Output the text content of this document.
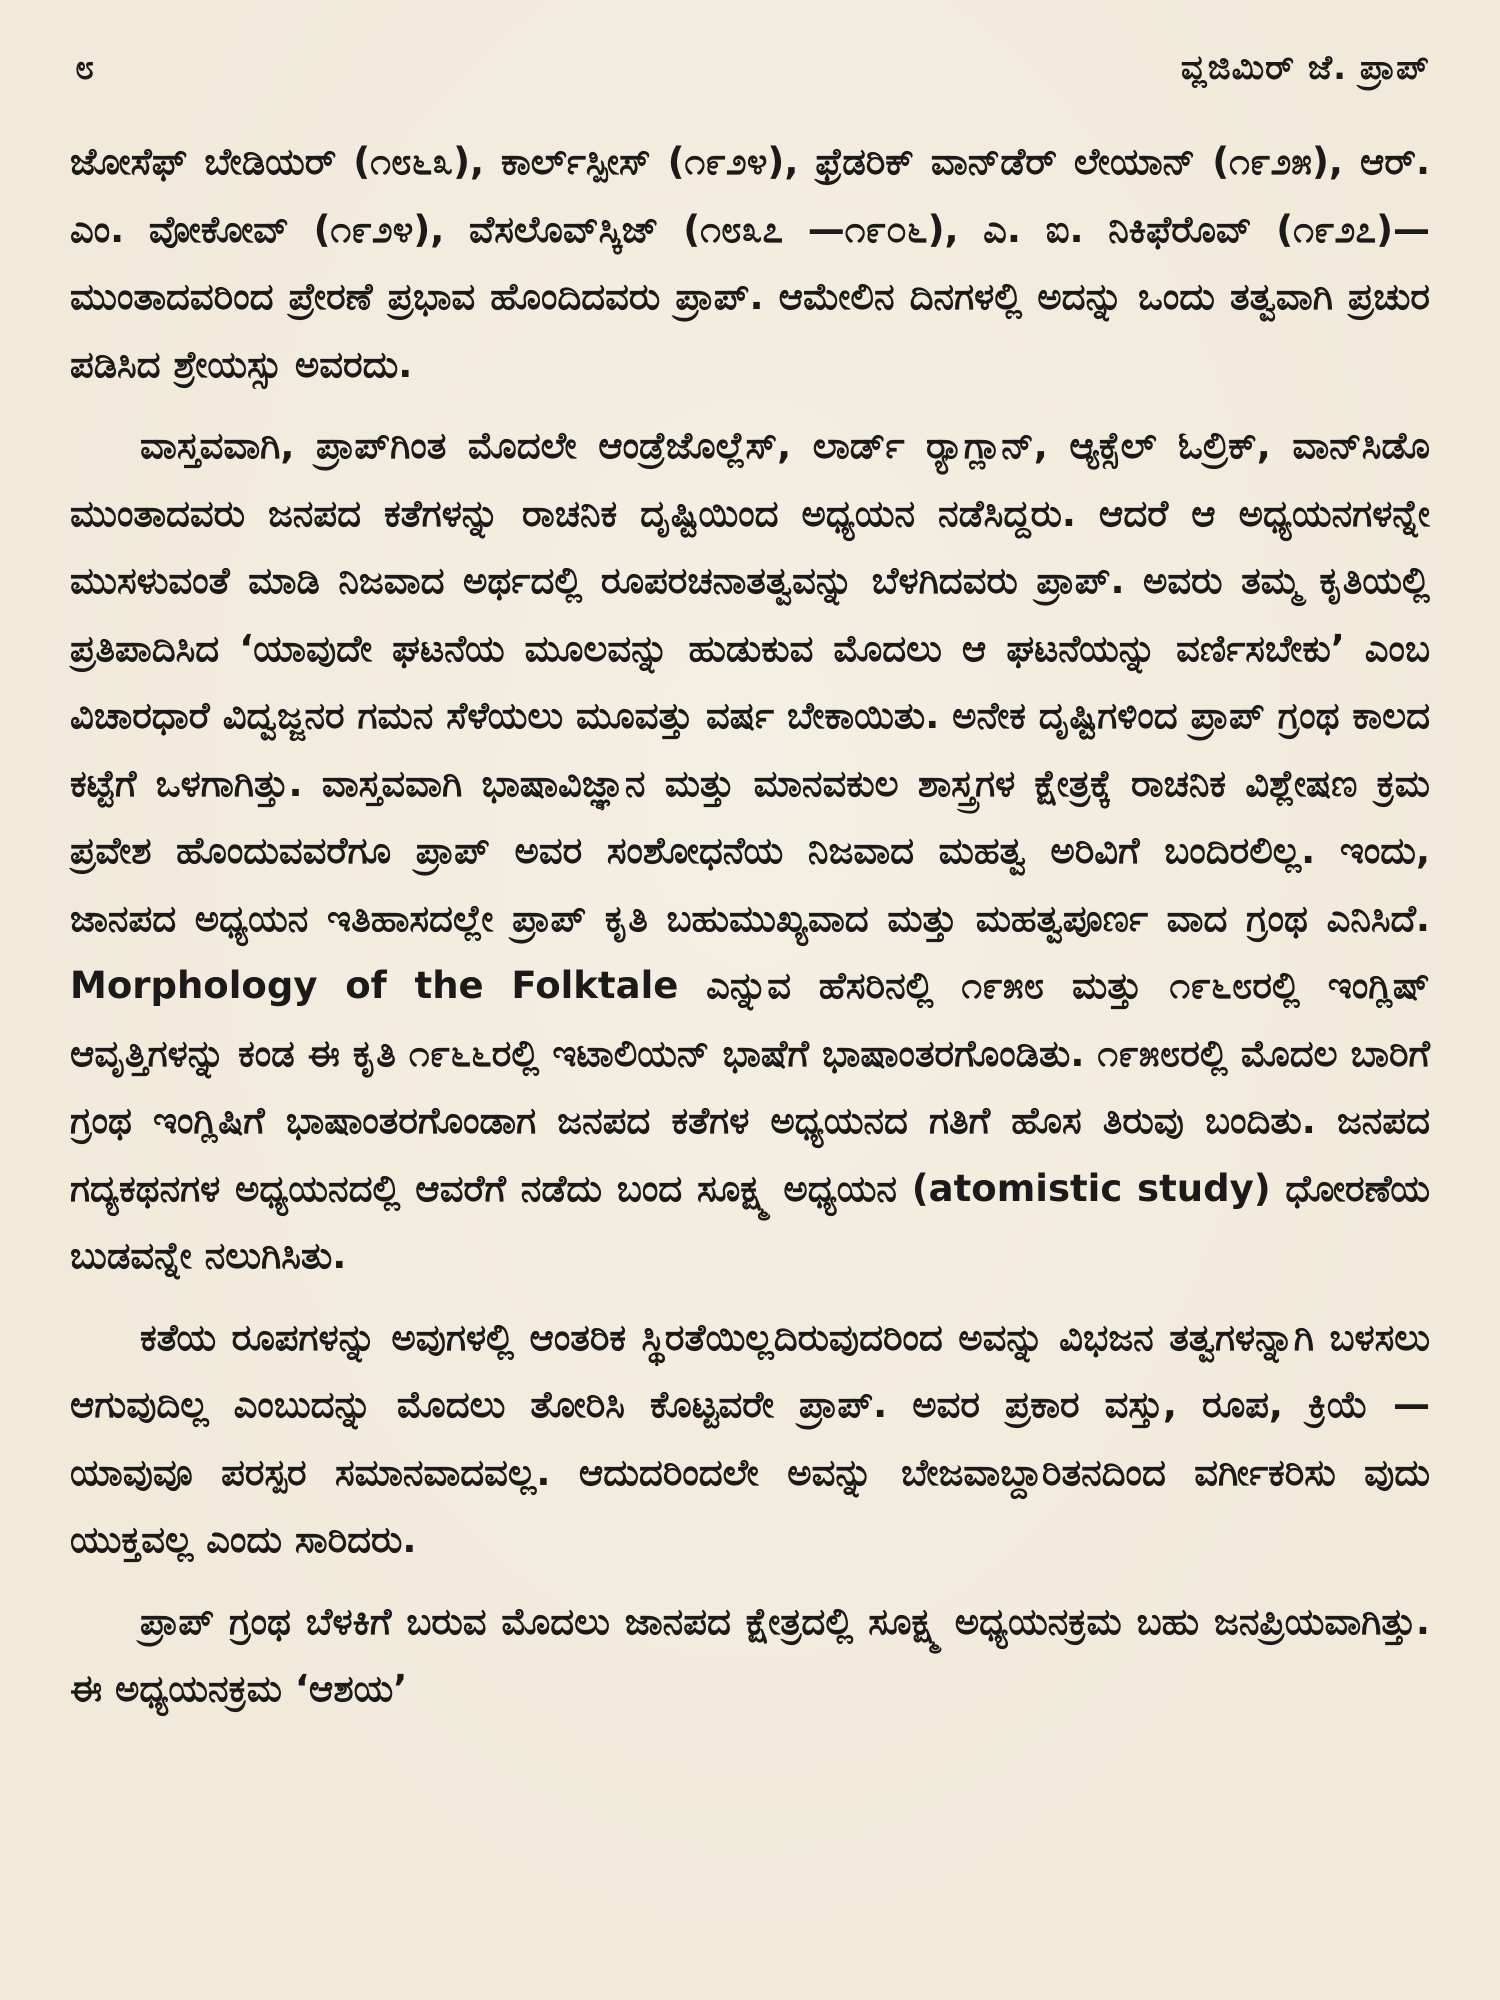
೮	ವ್ಲಜಿಮಿರ್ ಜೆ. ಪ್ರಾಪ್

ಜೋಸೆಫ್ ಬೇಡಿಯರ್ (೧೮೬೩), ಕಾರ್ಲ್‌ಸ್ಪೀಸ್ (೧೯೨೪), ಫ್ರೆಡರಿಕ್ ವಾನ್‌ಡೆರ್ ಲೇಯಾನ್ (೧೯೨೫), ಆರ್. ಎಂ. ವೋಕೋವ್ (೧೯೨೪), ವೆಸಲೊವ್‌ಸ್ಕಿಜ್ (೧೮೩೭ —೧೯೦೬), ಎ. ಐ. ನಿಕಿಫೆರೊವ್ (೧೯೨೭)— ಮುಂತಾದವರಿಂದ ಪ್ರೇರಣೆ ಪ್ರಭಾವ ಹೊಂದಿದವರು ಪ್ರಾಪ್. ಆಮೇಲಿನ ದಿನಗಳಲ್ಲಿ ಅದನ್ನು ಒಂದು ತತ್ವವಾಗಿ ಪ್ರಚುರ ಪಡಿಸಿದ ಶ್ರೇಯಸ್ಸು ಅವರದು.

ವಾಸ್ತವವಾಗಿ, ಪ್ರಾಪ್‌ಗಿಂತ ಮೊದಲೇ ಆಂಡ್ರೆಜೊಲ್ಲೆಸ್, ಲಾರ್ಡ್ ರ್‍ಯಾಗ್ಲಾನ್, ಆ್ಯಕ್ಸೆಲ್ ಓಲ್ರಿಕ್, ವಾನ್‌ಸಿಡೊ ಮುಂತಾದವರು ಜನಪದ ಕತೆಗಳನ್ನು ರಾಚನಿಕ ದೃಷ್ಟಿಯಿಂದ ಅಧ್ಯಯನ ನಡೆಸಿದ್ದರು. ಆದರೆ ಆ ಅಧ್ಯಯನಗಳನ್ನೇ ಮುಸಳುವಂತೆ ಮಾಡಿ ನಿಜವಾದ ಅರ್ಥದಲ್ಲಿ ರೂಪರಚನಾತತ್ವವನ್ನು ಬೆಳಗಿದವರು ಪ್ರಾಪ್. ಅವರು ತಮ್ಮ ಕೃತಿಯಲ್ಲಿ ಪ್ರತಿಪಾದಿಸಿದ ‘ಯಾವುದೇ ಘಟನೆಯ ಮೂಲವನ್ನು ಹುಡುಕುವ ಮೊದಲು ಆ ಘಟನೆಯನ್ನು ವರ್ಣಿಸಬೇಕು’ ಎಂಬ ವಿಚಾರಧಾರೆ ವಿದ್ವಜ್ಜನರ ಗಮನ ಸೆಳೆಯಲು ಮೂವತ್ತು ವರ್ಷ ಬೇಕಾಯಿತು. ಅನೇಕ ದೃಷ್ಟಿಗಳಿಂದ ಪ್ರಾಪ್ ಗ್ರಂಥ ಕಾಲದ ಕಟ್ಟೆಗೆ ಒಳಗಾಗಿತ್ತು. ವಾಸ್ತವವಾಗಿ ಭಾಷಾವಿಜ್ಞಾನ ಮತ್ತು ಮಾನವಕುಲ ಶಾಸ್ತ್ರಗಳ ಕ್ಷೇತ್ರಕ್ಕೆ ರಾಚನಿಕ ವಿಶ್ಲೇಷಣ ಕ್ರಮ ಪ್ರವೇಶ ಹೊಂದುವವರೆಗೂ ಪ್ರಾಪ್ ಅವರ ಸಂಶೋಧನೆಯ ನಿಜವಾದ ಮಹತ್ವ ಅರಿವಿಗೆ ಬಂದಿರಲಿಲ್ಲ. ಇಂದು, ಜಾನಪದ ಅಧ್ಯಯನ ಇತಿಹಾಸದಲ್ಲೇ ಪ್ರಾಪ್ ಕೃತಿ ಬಹುಮುಖ್ಯವಾದ ಮತ್ತು ಮಹತ್ವಪೂರ್ಣ ವಾದ ಗ್ರಂಥ ಎನಿಸಿದೆ. Morphology of the Folktale ಎನ್ನುವ ಹೆಸರಿನಲ್ಲಿ ೧೯೫೮ ಮತ್ತು ೧೯೬೮ರಲ್ಲಿ ಇಂಗ್ಲಿಷ್ ಆವೃತ್ತಿಗಳನ್ನು ಕಂಡ ಈ ಕೃತಿ ೧೯೬೬ರಲ್ಲಿ ಇಟಾಲಿಯನ್ ಭಾಷೆಗೆ ಭಾಷಾಂತರಗೊಂಡಿತು. ೧೯೫೮ರಲ್ಲಿ ಮೊದಲ ಬಾರಿಗೆ ಗ್ರಂಥ ಇಂಗ್ಲಿಷಿಗೆ ಭಾಷಾಂತರಗೊಂಡಾಗ ಜನಪದ ಕತೆಗಳ ಅಧ್ಯಯನದ ಗತಿಗೆ ಹೊಸ ತಿರುವು ಬಂದಿತು. ಜನಪದ ಗದ್ಯಕಥನಗಳ ಅಧ್ಯಯನದಲ್ಲಿ ಆವರೆಗೆ ನಡೆದು ಬಂದ ಸೂಕ್ಷ್ಮ ಅಧ್ಯಯನ (atomistic study) ಧೋರಣೆಯ ಬುಡವನ್ನೇ ನಲುಗಿಸಿತು.

ಕತೆಯ ರೂಪಗಳನ್ನು ಅವುಗಳಲ್ಲಿ ಆಂತರಿಕ ಸ್ಥಿರತೆಯಿಲ್ಲದಿರುವುದರಿಂದ ಅವನ್ನು ವಿಭಜನ ತತ್ವಗಳನ್ನಾಗಿ ಬಳಸಲು ಆಗುವುದಿಲ್ಲ ಎಂಬುದನ್ನು ಮೊದಲು ತೋರಿಸಿ ಕೊಟ್ಟವರೇ ಪ್ರಾಪ್. ಅವರ ಪ್ರಕಾರ ವಸ್ತು, ರೂಪ, ಕ್ರಿಯೆ — ಯಾವುವೂ ಪರಸ್ಪರ ಸಮಾನವಾದವಲ್ಲ. ಆದುದರಿಂದಲೇ ಅವನ್ನು ಬೇಜವಾಬ್ದಾರಿತನದಿಂದ ವರ್ಗೀಕರಿಸು ವುದು ಯುಕ್ತವಲ್ಲ ಎಂದು ಸಾರಿದರು.

ಪ್ರಾಪ್ ಗ್ರಂಥ ಬೆಳಕಿಗೆ ಬರುವ ಮೊದಲು ಜಾನಪದ ಕ್ಷೇತ್ರದಲ್ಲಿ ಸೂಕ್ಷ್ಮ ಅಧ್ಯಯನಕ್ರಮ ಬಹು ಜನಪ್ರಿಯವಾಗಿತ್ತು. ಈ ಅಧ್ಯಯನಕ್ರಮ ‘ಆಶಯ’
